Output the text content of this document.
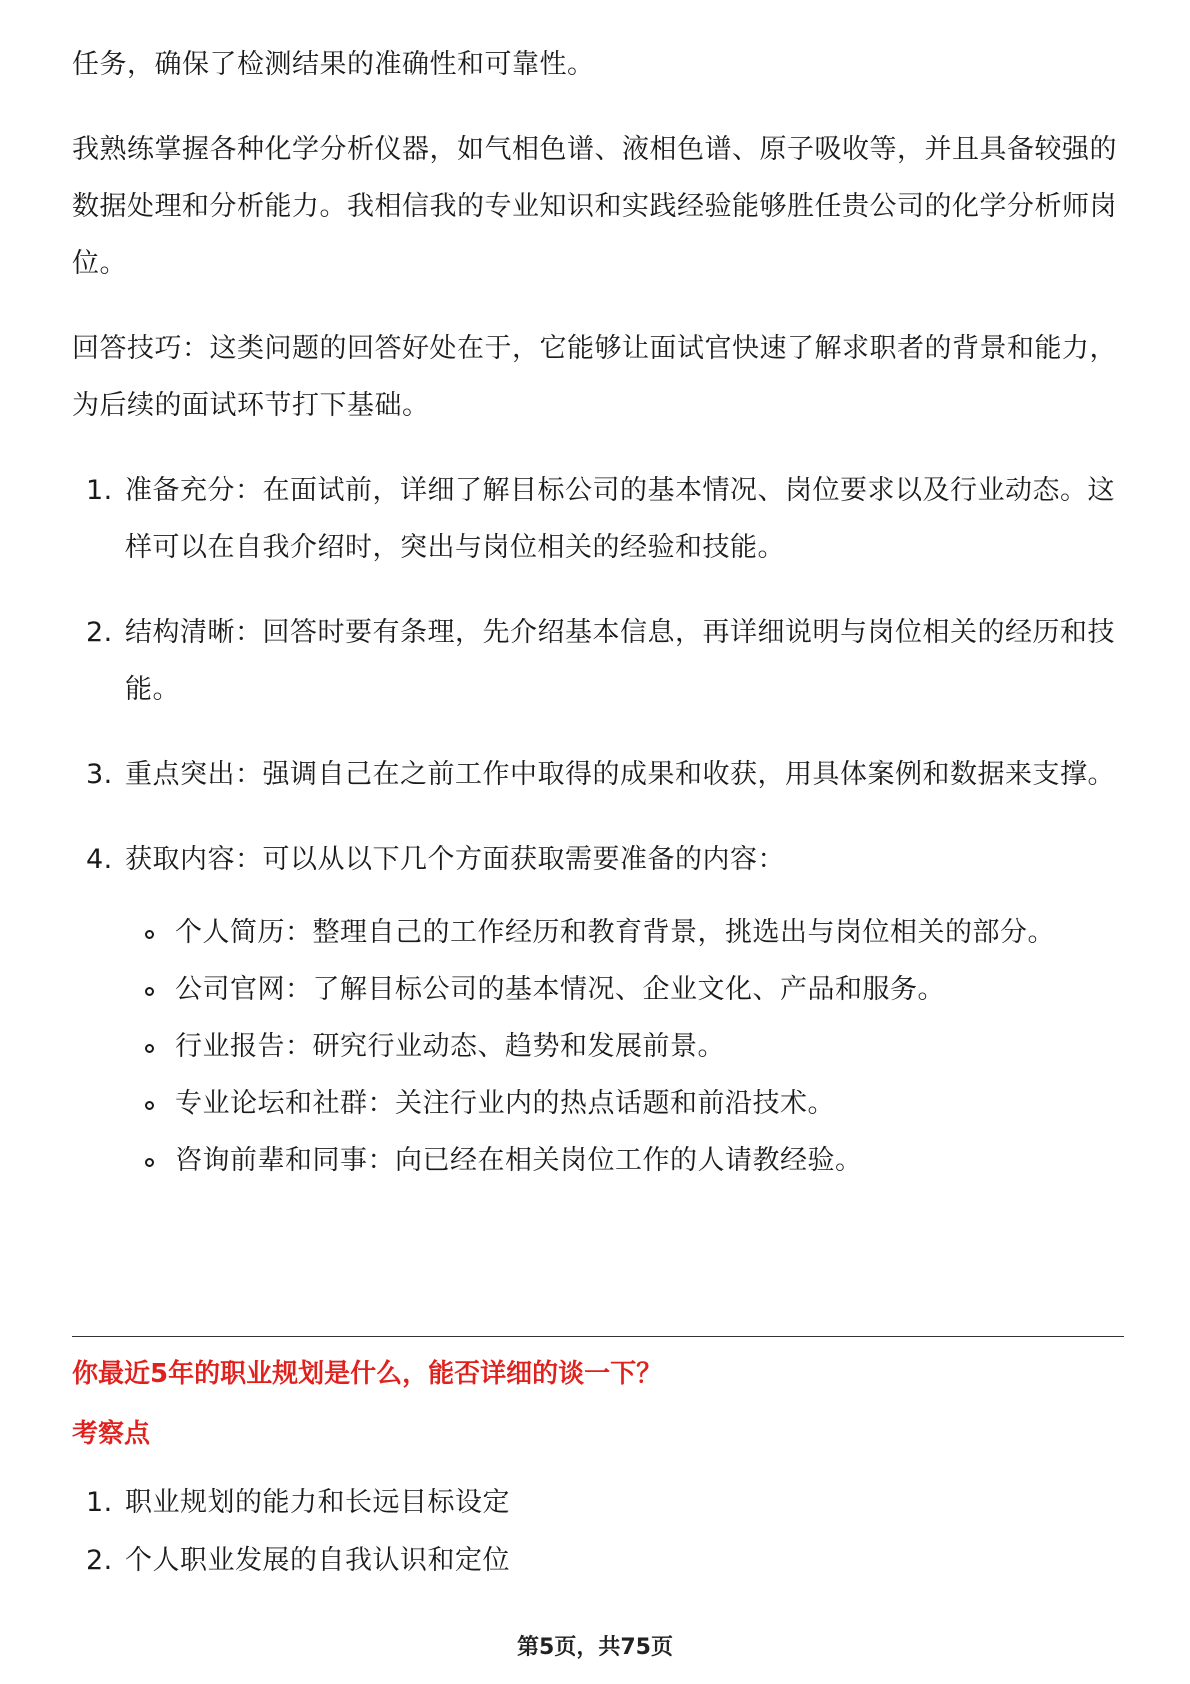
任务，确保了检测结果的准确性和可靠性。

我熟练掌握各种化学分析仪器，如气相色谱、液相色谱、原子吸收等，并且具备较强的数据处理和分析能力。我相信我的专业知识和实践经验能够胜任贵公司的化学分析师岗位。

回答技巧：这类问题的回答好处在于，它能够让面试官快速了解求职者的背景和能力，为后续的面试环节打下基础。

1. 准备充分：在面试前，详细了解目标公司的基本情况、岗位要求以及行业动态。这样可以在自我介绍时，突出与岗位相关的经验和技能。
2. 结构清晰：回答时要有条理，先介绍基本信息，再详细说明与岗位相关的经历和技能。
3. 重点突出：强调自己在之前工作中取得的成果和收获，用具体案例和数据来支撑。
4. 获取内容：可以从以下几个方面获取需要准备的内容：
个人简历：整理自己的工作经历和教育背景，挑选出与岗位相关的部分。
公司官网：了解目标公司的基本情况、企业文化、产品和服务。
行业报告：研究行业动态、趋势和发展前景。
专业论坛和社群：关注行业内的热点话题和前沿技术。
咨询前辈和同事：向已经在相关岗位工作的人请教经验。
你最近5年的职业规划是什么，能否详细的谈一下？
考察点
1. 职业规划的能力和长远目标设定
2. 个人职业发展的自我认识和定位
第5页，共75页
